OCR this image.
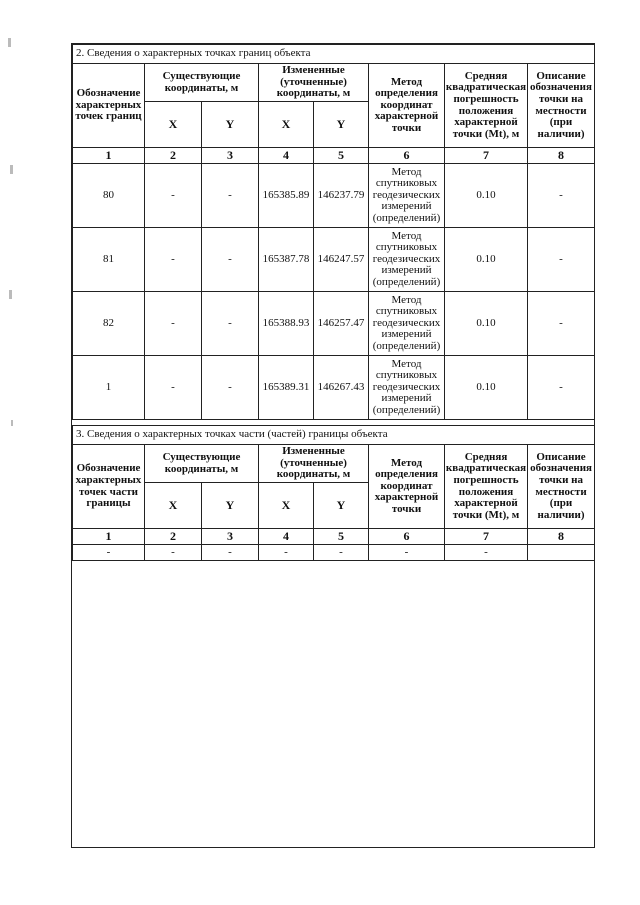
2. Сведения о характерных точках границ объекта							
Обозначение характерных точек границ	Существующие координаты, м		Измененные (уточненные) координаты, м		Метод определения координат характерной точки	Средняя квадратическая погрешность положения характерной точки (Mt), м	Описание обозначения точки на местности (при наличии)
	X	Y	X	Y			
1	2	3	4	5	6	7	8
80	-	-	165385.89	146237.79	Метод спутниковых геодезических измерений (определений)	0.10	-
81	-	-	165387.78	146247.57	Метод спутниковых геодезических измерений (определений)	0.10	-
82	-	-	165388.93	146257.47	Метод спутниковых геодезических измерений (определений)	0.10	-
1	-	-	165389.31	146267.43	Метод спутниковых геодезических измерений (определений)	0.10	-
3. Сведения о характерных точках части (частей) границы объекта							
Обозначение характерных точек части границы	Существующие координаты, м		Измененные (уточненные) координаты, м		Метод определения координат характерной точки	Средняя квадратическая погрешность положения характерной точки (Mt), м	Описание обозначения точки на местности (при наличии)
	X	Y	X	Y			
1	2	3	4	5	6	7	8
-	-	-	-	-	-	-	
